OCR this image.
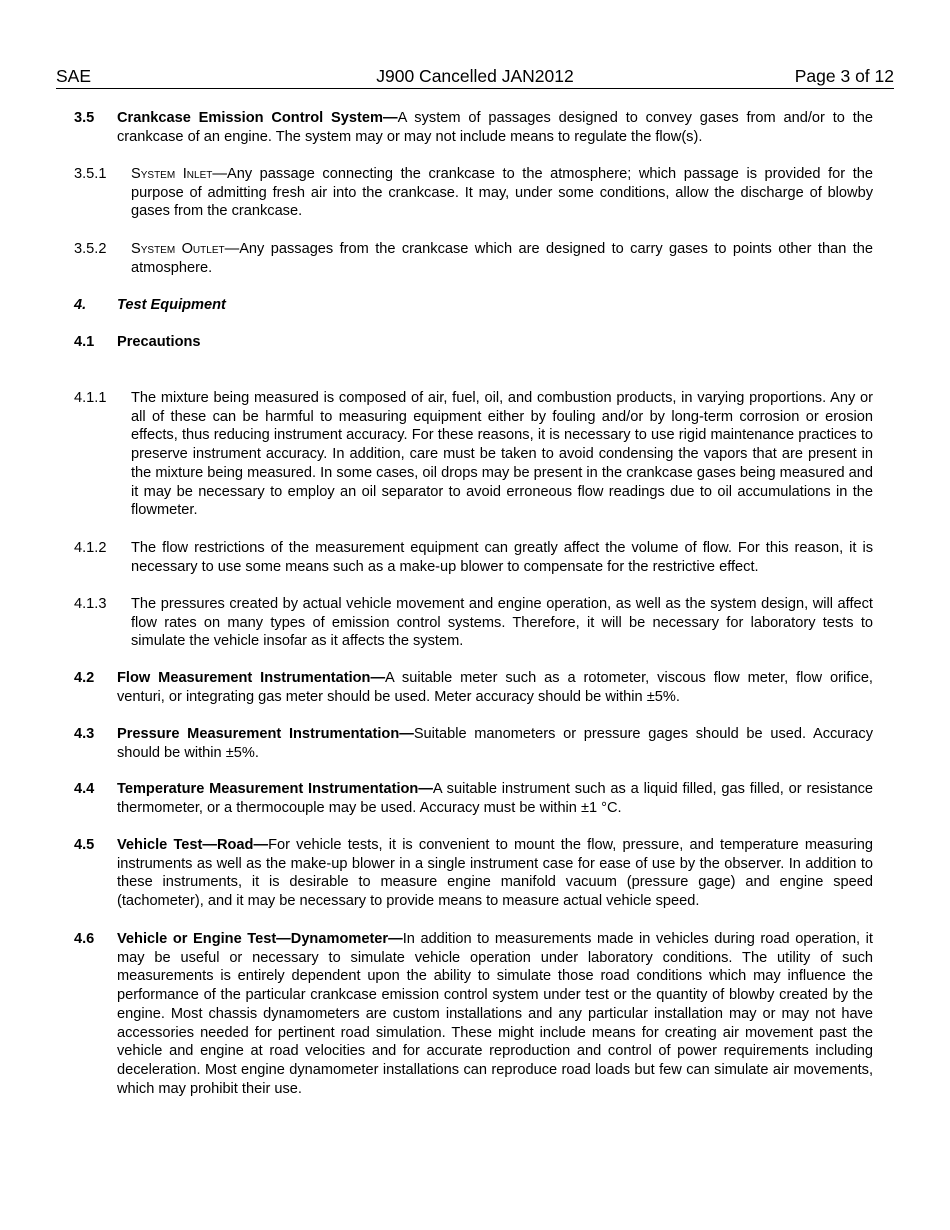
SAE	J900 Cancelled JAN2012	Page 3 of 12
3.5 Crankcase Emission Control System—A system of passages designed to convey gases from and/or to the crankcase of an engine. The system may or may not include means to regulate the flow(s).
3.5.1 System Inlet—Any passage connecting the crankcase to the atmosphere; which passage is provided for the purpose of admitting fresh air into the crankcase. It may, under some conditions, allow the discharge of blowby gases from the crankcase.
3.5.2 System Outlet—Any passages from the crankcase which are designed to carry gases to points other than the atmosphere.
4. Test Equipment
4.1 Precautions
4.1.1 The mixture being measured is composed of air, fuel, oil, and combustion products, in varying proportions. Any or all of these can be harmful to measuring equipment either by fouling and/or by long-term corrosion or erosion effects, thus reducing instrument accuracy. For these reasons, it is necessary to use rigid maintenance practices to preserve instrument accuracy. In addition, care must be taken to avoid condensing the vapors that are present in the mixture being measured. In some cases, oil drops may be present in the crankcase gases being measured and it may be necessary to employ an oil separator to avoid erroneous flow readings due to oil accumulations in the flowmeter.
4.1.2 The flow restrictions of the measurement equipment can greatly affect the volume of flow. For this reason, it is necessary to use some means such as a make-up blower to compensate for the restrictive effect.
4.1.3 The pressures created by actual vehicle movement and engine operation, as well as the system design, will affect flow rates on many types of emission control systems. Therefore, it will be necessary for laboratory tests to simulate the vehicle insofar as it affects the system.
4.2 Flow Measurement Instrumentation—A suitable meter such as a rotometer, viscous flow meter, flow orifice, venturi, or integrating gas meter should be used. Meter accuracy should be within ±5%.
4.3 Pressure Measurement Instrumentation—Suitable manometers or pressure gages should be used. Accuracy should be within ±5%.
4.4 Temperature Measurement Instrumentation—A suitable instrument such as a liquid filled, gas filled, or resistance thermometer, or a thermocouple may be used. Accuracy must be within ±1 °C.
4.5 Vehicle Test—Road—For vehicle tests, it is convenient to mount the flow, pressure, and temperature measuring instruments as well as the make-up blower in a single instrument case for ease of use by the observer. In addition to these instruments, it is desirable to measure engine manifold vacuum (pressure gage) and engine speed (tachometer), and it may be necessary to provide means to measure actual vehicle speed.
4.6 Vehicle or Engine Test—Dynamometer—In addition to measurements made in vehicles during road operation, it may be useful or necessary to simulate vehicle operation under laboratory conditions. The utility of such measurements is entirely dependent upon the ability to simulate those road conditions which may influence the performance of the particular crankcase emission control system under test or the quantity of blowby created by the engine. Most chassis dynamometers are custom installations and any particular installation may or may not have accessories needed for pertinent road simulation. These might include means for creating air movement past the vehicle and engine at road velocities and for accurate reproduction and control of power requirements including deceleration. Most engine dynamometer installations can reproduce road loads but few can simulate air movements, which may prohibit their use.
